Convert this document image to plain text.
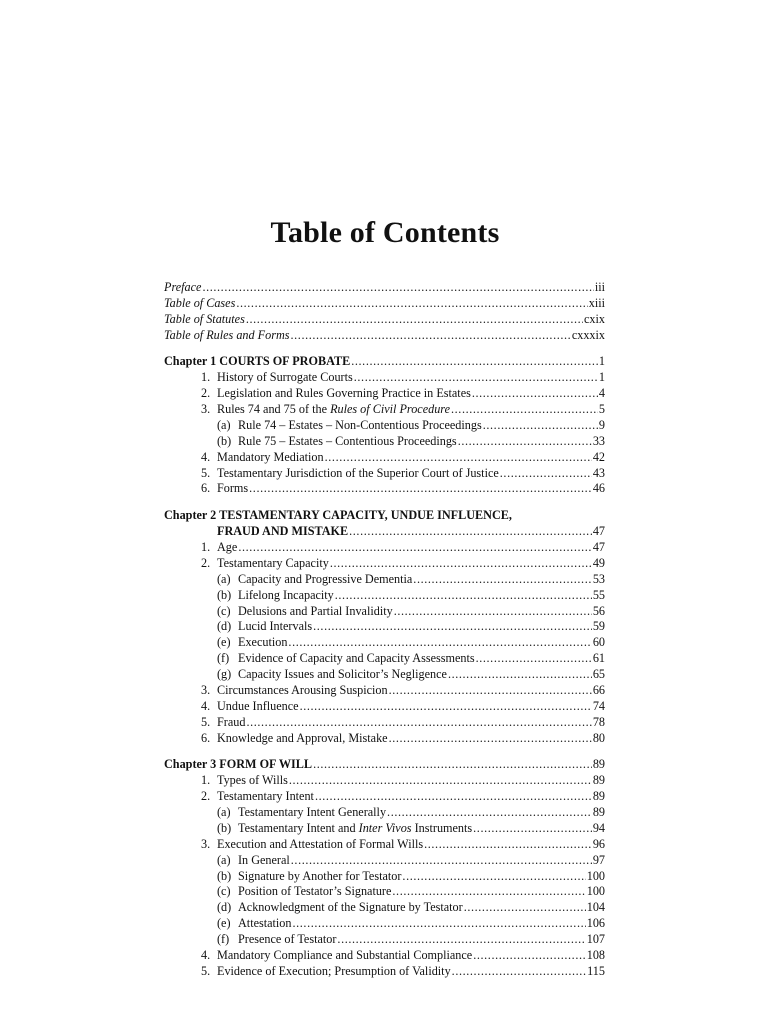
Table of Contents
Preface .....	iii
Table of Cases .....	xiii
Table of Statutes .....	cxix
Table of Rules and Forms .....	cxxxix
Chapter 1 COURTS OF PROBATE .....	1
1. History of Surrogate Courts .....	1
2. Legislation and Rules Governing Practice in Estates .....	4
3. Rules 74 and 75 of the Rules of Civil Procedure .....	5
(a) Rule 74 – Estates – Non-Contentious Proceedings .....	9
(b) Rule 75 – Estates – Contentious Proceedings .....	33
4. Mandatory Mediation .....	42
5. Testamentary Jurisdiction of the Superior Court of Justice .....	43
6. Forms .....	46
Chapter 2 TESTAMENTARY CAPACITY, UNDUE INFLUENCE,
FRAUD AND MISTAKE .....	47
1. Age .....	47
2. Testamentary Capacity .....	49
(a) Capacity and Progressive Dementia .....	53
(b) Lifelong Incapacity .....	55
(c) Delusions and Partial Invalidity .....	56
(d) Lucid Intervals .....	59
(e) Execution .....	60
(f) Evidence of Capacity and Capacity Assessments .....	61
(g) Capacity Issues and Solicitor’s Negligence .....	65
3. Circumstances Arousing Suspicion .....	66
4. Undue Influence .....	74
5. Fraud .....	78
6. Knowledge and Approval, Mistake .....	80
Chapter 3 FORM OF WILL .....	89
1. Types of Wills .....	89
2. Testamentary Intent .....	89
(a) Testamentary Intent Generally .....	89
(b) Testamentary Intent and Inter Vivos Instruments .....	94
3. Execution and Attestation of Formal Wills .....	96
(a) In General .....	97
(b) Signature by Another for Testator .....	100
(c) Position of Testator’s Signature .....	100
(d) Acknowledgment of the Signature by Testator .....	104
(e) Attestation .....	106
(f) Presence of Testator .....	107
4. Mandatory Compliance and Substantial Compliance .....	108
5. Evidence of Execution; Presumption of Validity .....	115
